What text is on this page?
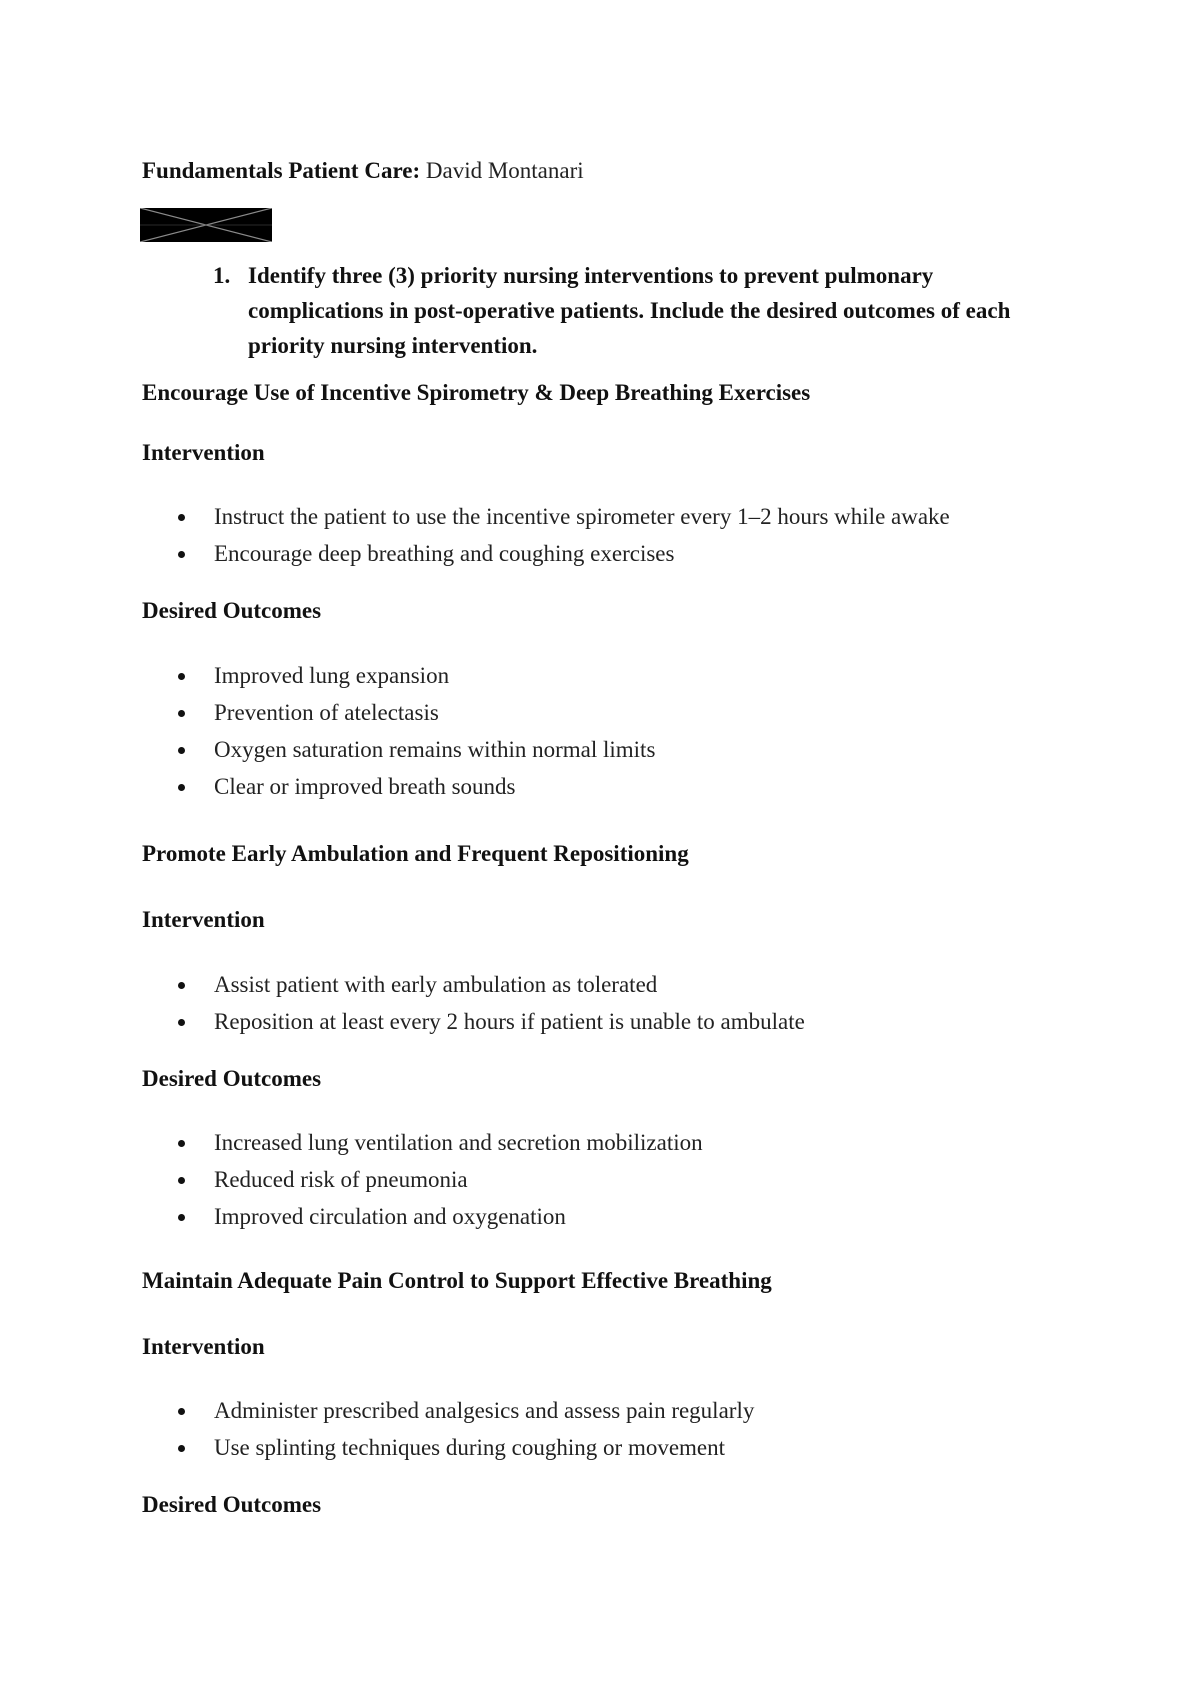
Fundamentals Patient Care: David Montanari
1. Identify three (3) priority nursing interventions to prevent pulmonary complications in post-operative patients. Include the desired outcomes of each priority nursing intervention.
Encourage Use of Incentive Spirometry & Deep Breathing Exercises
Intervention
Instruct the patient to use the incentive spirometer every 1–2 hours while awake
Encourage deep breathing and coughing exercises
Desired Outcomes
Improved lung expansion
Prevention of atelectasis
Oxygen saturation remains within normal limits
Clear or improved breath sounds
Promote Early Ambulation and Frequent Repositioning
Intervention
Assist patient with early ambulation as tolerated
Reposition at least every 2 hours if patient is unable to ambulate
Desired Outcomes
Increased lung ventilation and secretion mobilization
Reduced risk of pneumonia
Improved circulation and oxygenation
Maintain Adequate Pain Control to Support Effective Breathing
Intervention
Administer prescribed analgesics and assess pain regularly
Use splinting techniques during coughing or movement
Desired Outcomes
